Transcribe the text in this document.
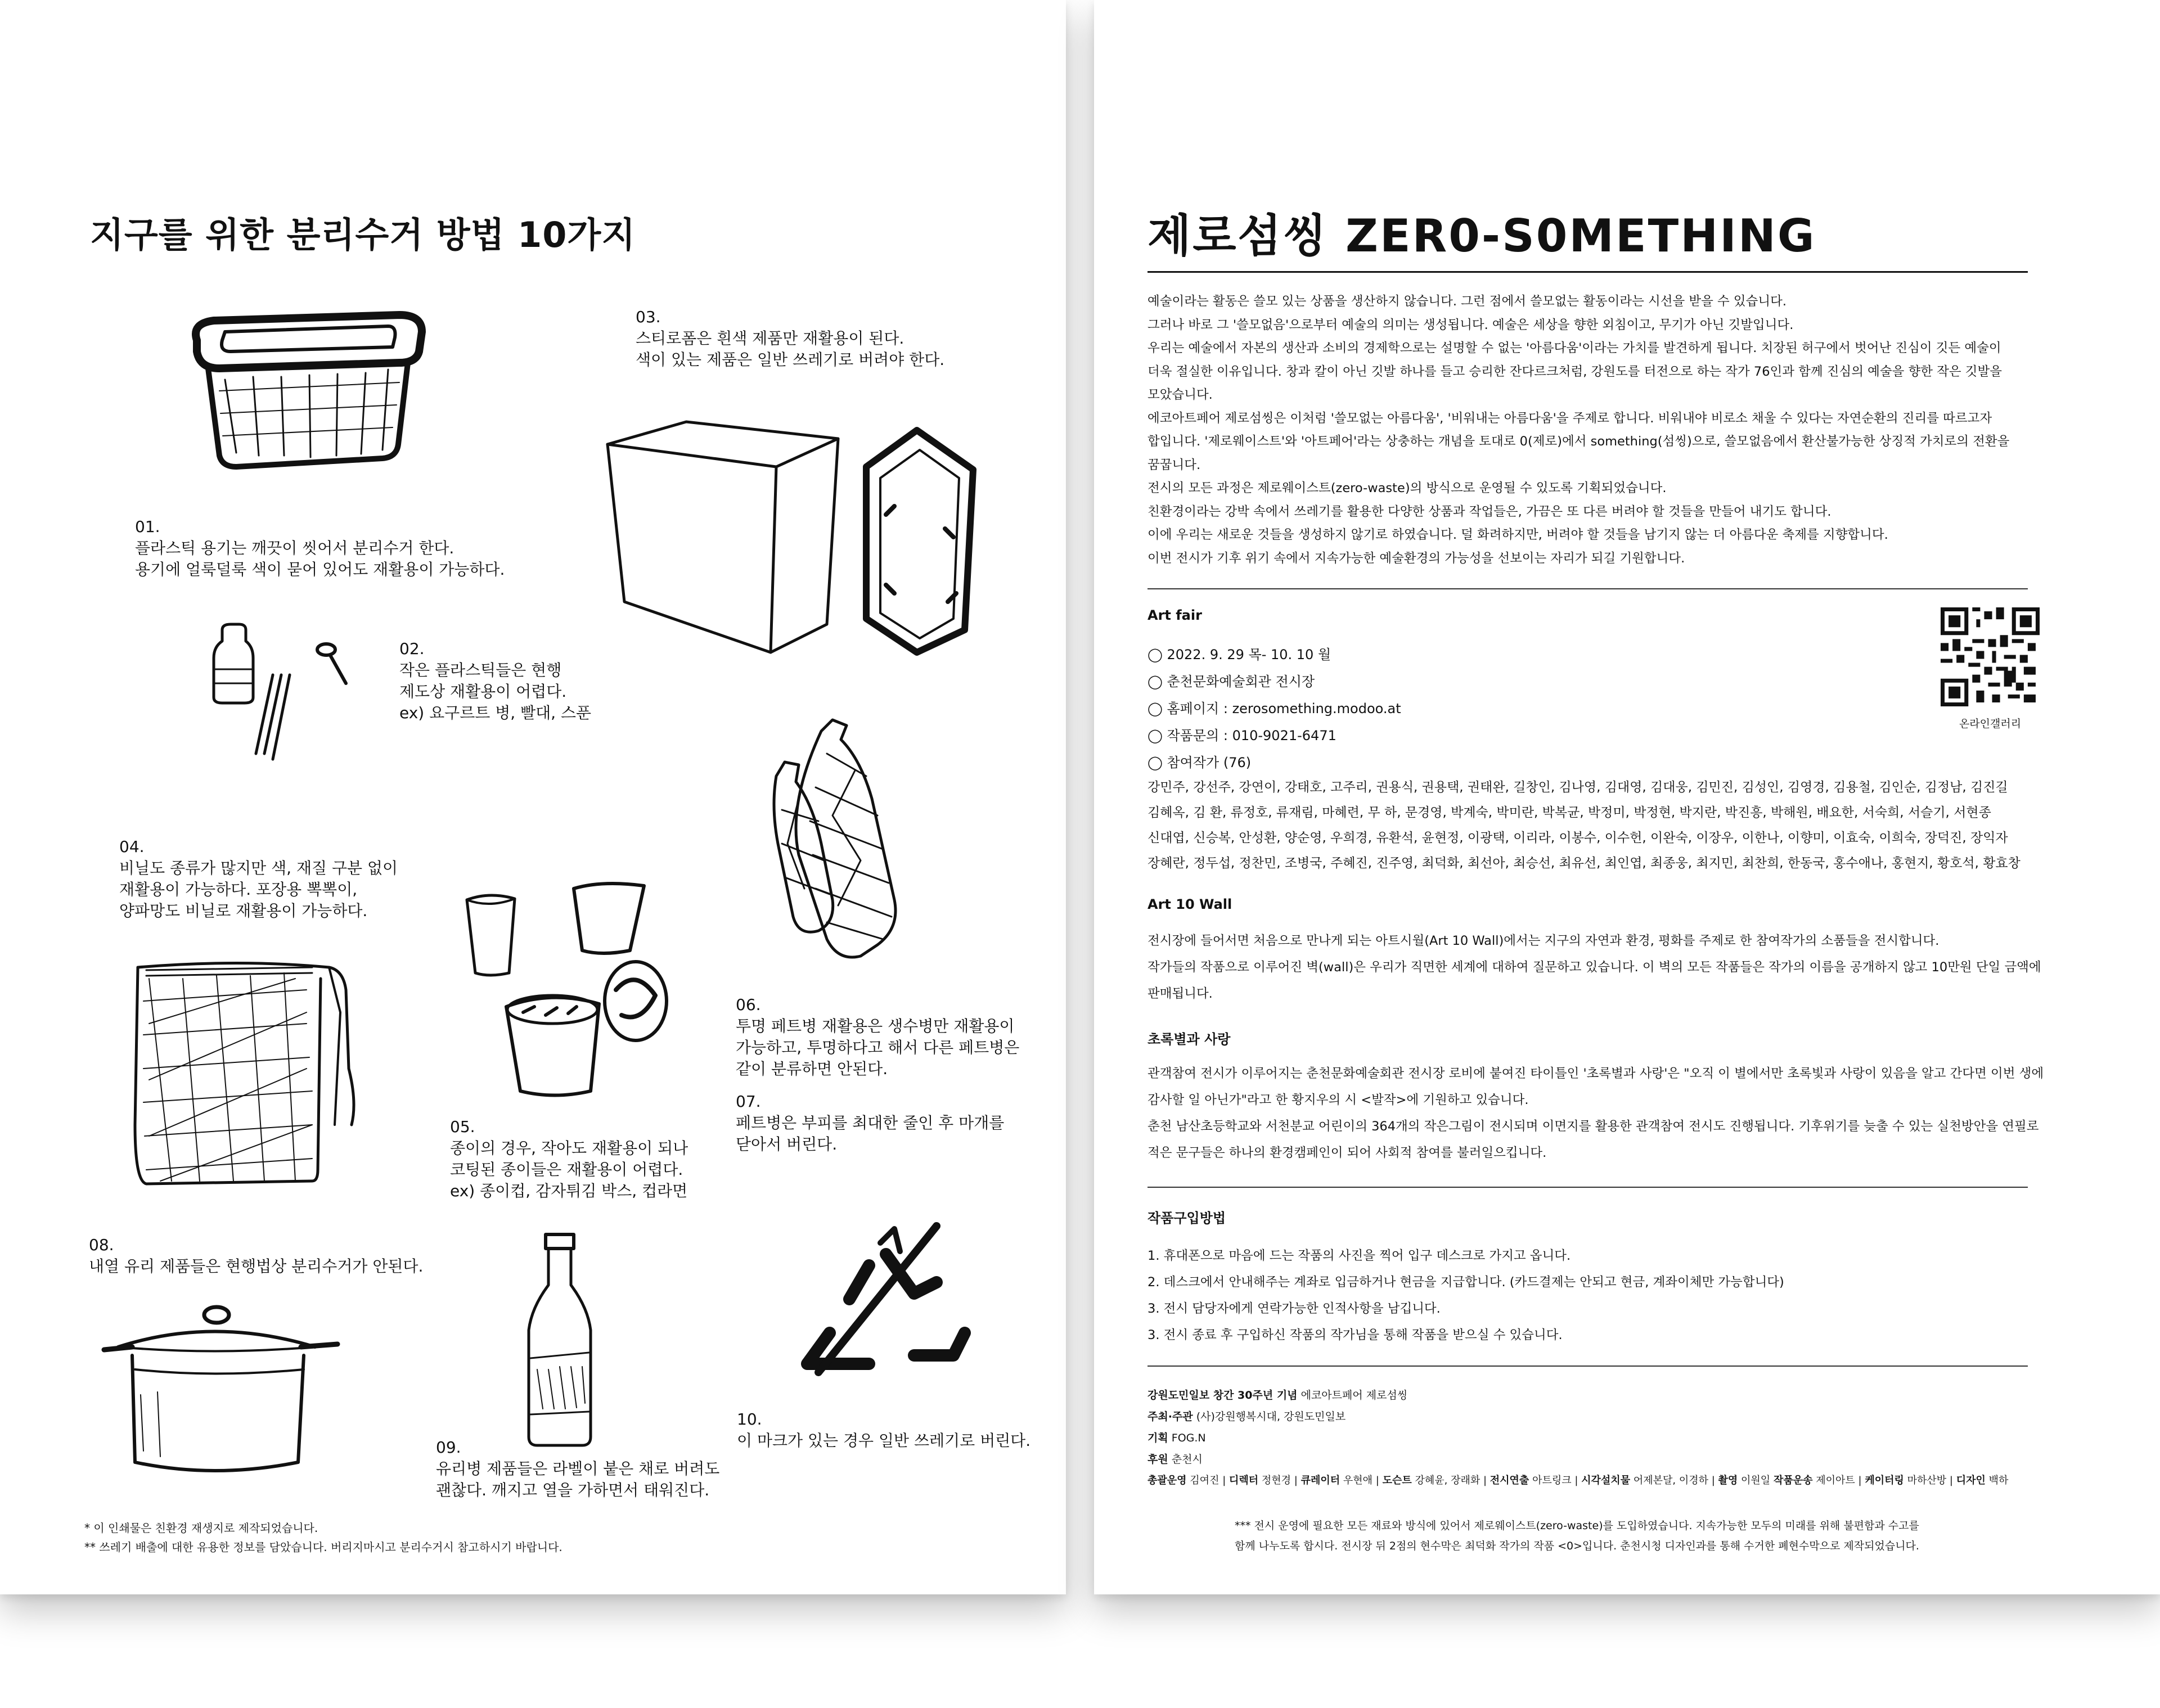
지구를 위한 분리수거 방법 10가지
01.
플라스틱 용기는 깨끗이 씻어서 분리수거 한다.
용기에 얼룩덜룩 색이 묻어 있어도 재활용이 가능하다.
02.
작은 플라스틱들은 현행
제도상 재활용이 어렵다.
ex) 요구르트 병, 빨대, 스푼
03.
스티로폼은 흰색 제품만 재활용이 된다.
색이 있는 제품은 일반 쓰레기로 버려야 한다.
04.
비닐도 종류가 많지만 색, 재질 구분 없이
재활용이 가능하다. 포장용 뽁뽁이,
양파망도 비닐로 재활용이 가능하다.
05.
종이의 경우, 작아도 재활용이 되나
코팅된 종이들은 재활용이 어렵다.
ex) 종이컵, 감자튀김 박스, 컵라면
06.
투명 페트병 재활용은 생수병만 재활용이
가능하고, 투명하다고 해서 다른 페트병은
같이 분류하면 안된다.
07.
페트병은 부피를 최대한 줄인 후 마개를
닫아서 버린다.
08.
내열 유리 제품들은 현행법상 분리수거가 안된다.
09.
유리병 제품들은 라벨이 붙은 채로 버려도
괜찮다. 깨지고 열을 가하면서 태워진다.
10.
이 마크가 있는 경우 일반 쓰레기로 버린다.
* 이 인쇄물은 친환경 재생지로 제작되었습니다.
** 쓰레기 배출에 대한 유용한 정보를 담았습니다. 버리지마시고 분리수거시 참고하시기 바랍니다.
제로섬씽 ZER0-S0METHING
예술이라는 활동은 쓸모 있는 상품을 생산하지 않습니다. 그런 점에서 쓸모없는 활동이라는 시선을 받을 수 있습니다.
그러나 바로 그 '쓸모없음'으로부터 예술의 의미는 생성됩니다. 예술은 세상을 향한 외침이고, 무기가 아닌 깃발입니다.
우리는 예술에서 자본의 생산과 소비의 경제학으로는 설명할 수 없는 '아름다움'이라는 가치를 발견하게 됩니다. 치장된 허구에서 벗어난 진심이 깃든 예술이
더욱 절실한 이유입니다. 창과 칼이 아닌 깃발 하나를 들고 승리한 잔다르크처럼, 강원도를 터전으로 하는 작가 76인과 함께 진심의 예술을 향한 작은 깃발을
모았습니다.
에코아트페어 제로섬씽은 이처럼 '쓸모없는 아름다움', '비워내는 아름다움'을 주제로 합니다. 비워내야 비로소 채울 수 있다는 자연순환의 진리를 따르고자
합입니다. '제로웨이스트'와 '아트페어'라는 상충하는 개념을 토대로 0(제로)에서 something(섬씽)으로, 쓸모없음에서 환산불가능한 상징적 가치로의 전환을
꿈꿉니다.
전시의 모든 과정은 제로웨이스트(zero-waste)의 방식으로 운영될 수 있도록 기획되었습니다.
친환경이라는 강박 속에서 쓰레기를 활용한 다양한 상품과 작업들은, 가끔은 또 다른 버려야 할 것들을 만들어 내기도 합니다.
이에 우리는 새로운 것들을 생성하지 않기로 하였습니다. 덜 화려하지만, 버려야 할 것들을 남기지 않는 더 아름다운 축제를 지향합니다.
이번 전시가 기후 위기 속에서 지속가능한 예술환경의 가능성을 선보이는 자리가 되길 기원합니다.
Art fair
◯ 2022. 9. 29 목- 10. 10 월
◯ 춘천문화예술회관 전시장
◯ 홈페이지 : zerosomething.modoo.at
◯ 작품문의 : 010-9021-6471
◯ 참여작가 (76)
강민주, 강선주, 강연이, 강태호, 고주리, 권용식, 권용택, 권태완, 길창인, 김나영, 김대영, 김대웅, 김민진, 김성인, 김영경, 김용철, 김인순, 김정남, 김진길
김혜옥, 김 환, 류정호, 류재림, 마혜련, 무 하, 문경영, 박계숙, 박미란, 박복균, 박정미, 박정현, 박지란, 박진흥, 박해원, 배요한, 서숙희, 서슬기, 서현종
신대엽, 신승복, 안성환, 양순영, 우희경, 유환석, 윤현정, 이광택, 이리라, 이봉수, 이수헌, 이완숙, 이장우, 이한나, 이향미, 이효숙, 이희숙, 장덕진, 장익자
장혜란, 정두섭, 정찬민, 조병국, 주혜진, 진주영, 최덕화, 최선아, 최승선, 최유선, 최인엽, 최종웅, 최지민, 최찬희, 한동국, 홍수애나, 홍현지, 황호석, 황효창
온라인갤러리
Art 10 Wall
전시장에 들어서면 처음으로 만나게 되는 아트시월(Art 10 Wall)에서는 지구의 자연과 환경, 평화를 주제로 한 참여작가의 소품들을 전시합니다.
작가들의 작품으로 이루어진 벽(wall)은 우리가 직면한 세계에 대하여 질문하고 있습니다. 이 벽의 모든 작품들은 작가의 이름을 공개하지 않고 10만원 단일 금액에
판매됩니다.
초록별과 사랑
관객참여 전시가 이루어지는 춘천문화예술회관 전시장 로비에 붙여진 타이틀인 '초록별과 사랑'은 "오직 이 별에서만 초록빛과 사랑이 있음을 알고 간다면 이번 생에
감사할 일 아닌가"라고 한 황지우의 시 <발작>에 기원하고 있습니다.
춘천 남산초등학교와 서천분교 어린이의 364개의 작은그림이 전시되며 이면지를 활용한 관객참여 전시도 진행됩니다. 기후위기를 늦출 수 있는 실천방안을 연필로
적은 문구들은 하나의 환경캠페인이 되어 사회적 참여를 불러일으킵니다.
작품구입방법
1. 휴대폰으로 마음에 드는 작품의 사진을 찍어 입구 데스크로 가지고 옵니다.
2. 데스크에서 안내해주는 계좌로 입금하거나 현금을 지급합니다. (카드결제는 안되고 현금, 계좌이체만 가능합니다)
3. 전시 담당자에게 연락가능한 인적사항을 남깁니다.
3. 전시 종료 후 구입하신 작품의 작가님을 통해 작품을 받으실 수 있습니다.
강원도민일보 창간 30주년 기념 에코아트페어 제로섬씽
주최·주관 (사)강원행복시대, 강원도민일보
기획 FOG.N
후원 춘천시
총괄운영 김여진 | 디렉터 정현경 | 큐레이터 우현애 | 도슨트 강혜윤, 장래화 | 전시연출 아트링크 | 시각설치물 어제본달, 이경하 | 촬영 이원일 작품운송 제이아트 | 케이터링 마하산방 | 디자인 백하
*** 전시 운영에 필요한 모든 재료와 방식에 있어서 제로웨이스트(zero-waste)를 도입하였습니다. 지속가능한 모두의 미래를 위해 불편함과 수고를
함께 나누도록 합시다. 전시장 뒤 2점의 현수막은 최덕화 작가의 작품 <0>입니다. 춘천시청 디자인과를 통해 수거한 폐현수막으로 제작되었습니다.
